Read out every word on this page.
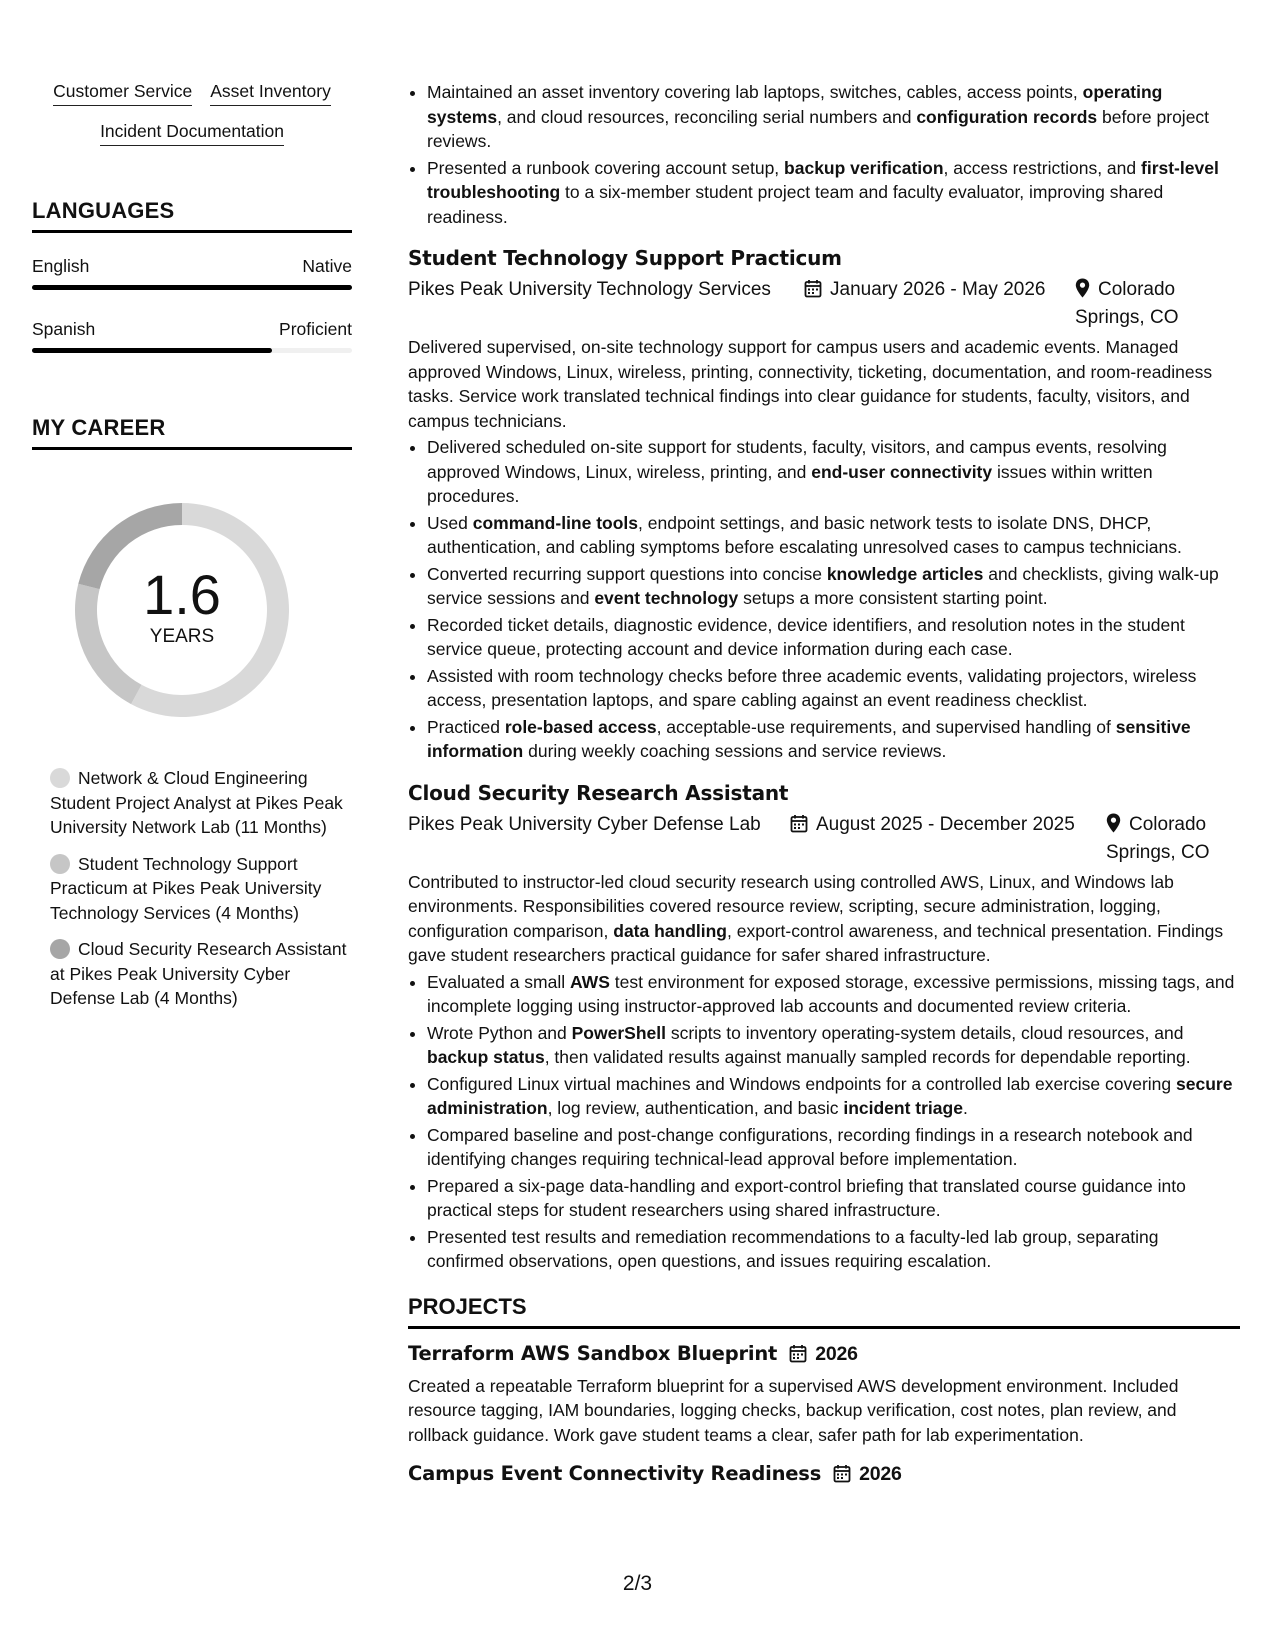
Customer Service Asset Inventory
Incident Documentation
LANGUAGES
English	Native
Spanish	Proficient
MY CAREER
1.6
YEARS
Network & Cloud Engineering Student Project Analyst at Pikes Peak University Network Lab (11 Months)
Student Technology Support Practicum at Pikes Peak University Technology Services (4 Months)
Cloud Security Research Assistant at Pikes Peak University Cyber Defense Lab (4 Months)
• Maintained an asset inventory covering lab laptops, switches, cables, access points, operating systems, and cloud resources, reconciling serial numbers and configuration records before project reviews.
• Presented a runbook covering account setup, backup verification, access restrictions, and first-level troubleshooting to a six-member student project team and faculty evaluator, improving shared readiness.
Student Technology Support Practicum
Pikes Peak University Technology Services	January 2026 - May 2026	Colorado Springs, CO
Delivered supervised, on-site technology support for campus users and academic events. Managed approved Windows, Linux, wireless, printing, connectivity, ticketing, documentation, and room-readiness tasks. Service work translated technical findings into clear guidance for students, faculty, visitors, and campus technicians.
• Delivered scheduled on-site support for students, faculty, visitors, and campus events, resolving approved Windows, Linux, wireless, printing, and end-user connectivity issues within written procedures.
• Used command-line tools, endpoint settings, and basic network tests to isolate DNS, DHCP, authentication, and cabling symptoms before escalating unresolved cases to campus technicians.
• Converted recurring support questions into concise knowledge articles and checklists, giving walk-up service sessions and event technology setups a more consistent starting point.
• Recorded ticket details, diagnostic evidence, device identifiers, and resolution notes in the student service queue, protecting account and device information during each case.
• Assisted with room technology checks before three academic events, validating projectors, wireless access, presentation laptops, and spare cabling against an event readiness checklist.
• Practiced role-based access, acceptable-use requirements, and supervised handling of sensitive information during weekly coaching sessions and service reviews.
Cloud Security Research Assistant
Pikes Peak University Cyber Defense Lab	August 2025 - December 2025	Colorado Springs, CO
Contributed to instructor-led cloud security research using controlled AWS, Linux, and Windows lab environments. Responsibilities covered resource review, scripting, secure administration, logging, configuration comparison, data handling, export-control awareness, and technical presentation. Findings gave student researchers practical guidance for safer shared infrastructure.
• Evaluated a small AWS test environment for exposed storage, excessive permissions, missing tags, and incomplete logging using instructor-approved lab accounts and documented review criteria.
• Wrote Python and PowerShell scripts to inventory operating-system details, cloud resources, and backup status, then validated results against manually sampled records for dependable reporting.
• Configured Linux virtual machines and Windows endpoints for a controlled lab exercise covering secure administration, log review, authentication, and basic incident triage.
• Compared baseline and post-change configurations, recording findings in a research notebook and identifying changes requiring technical-lead approval before implementation.
• Prepared a six-page data-handling and export-control briefing that translated course guidance into practical steps for student researchers using shared infrastructure.
• Presented test results and remediation recommendations to a faculty-led lab group, separating confirmed observations, open questions, and issues requiring escalation.
PROJECTS
Terraform AWS Sandbox Blueprint 2026
Created a repeatable Terraform blueprint for a supervised AWS development environment. Included resource tagging, IAM boundaries, logging checks, backup verification, cost notes, plan review, and rollback guidance. Work gave student teams a clear, safer path for lab experimentation.
Campus Event Connectivity Readiness 2026
2/3
